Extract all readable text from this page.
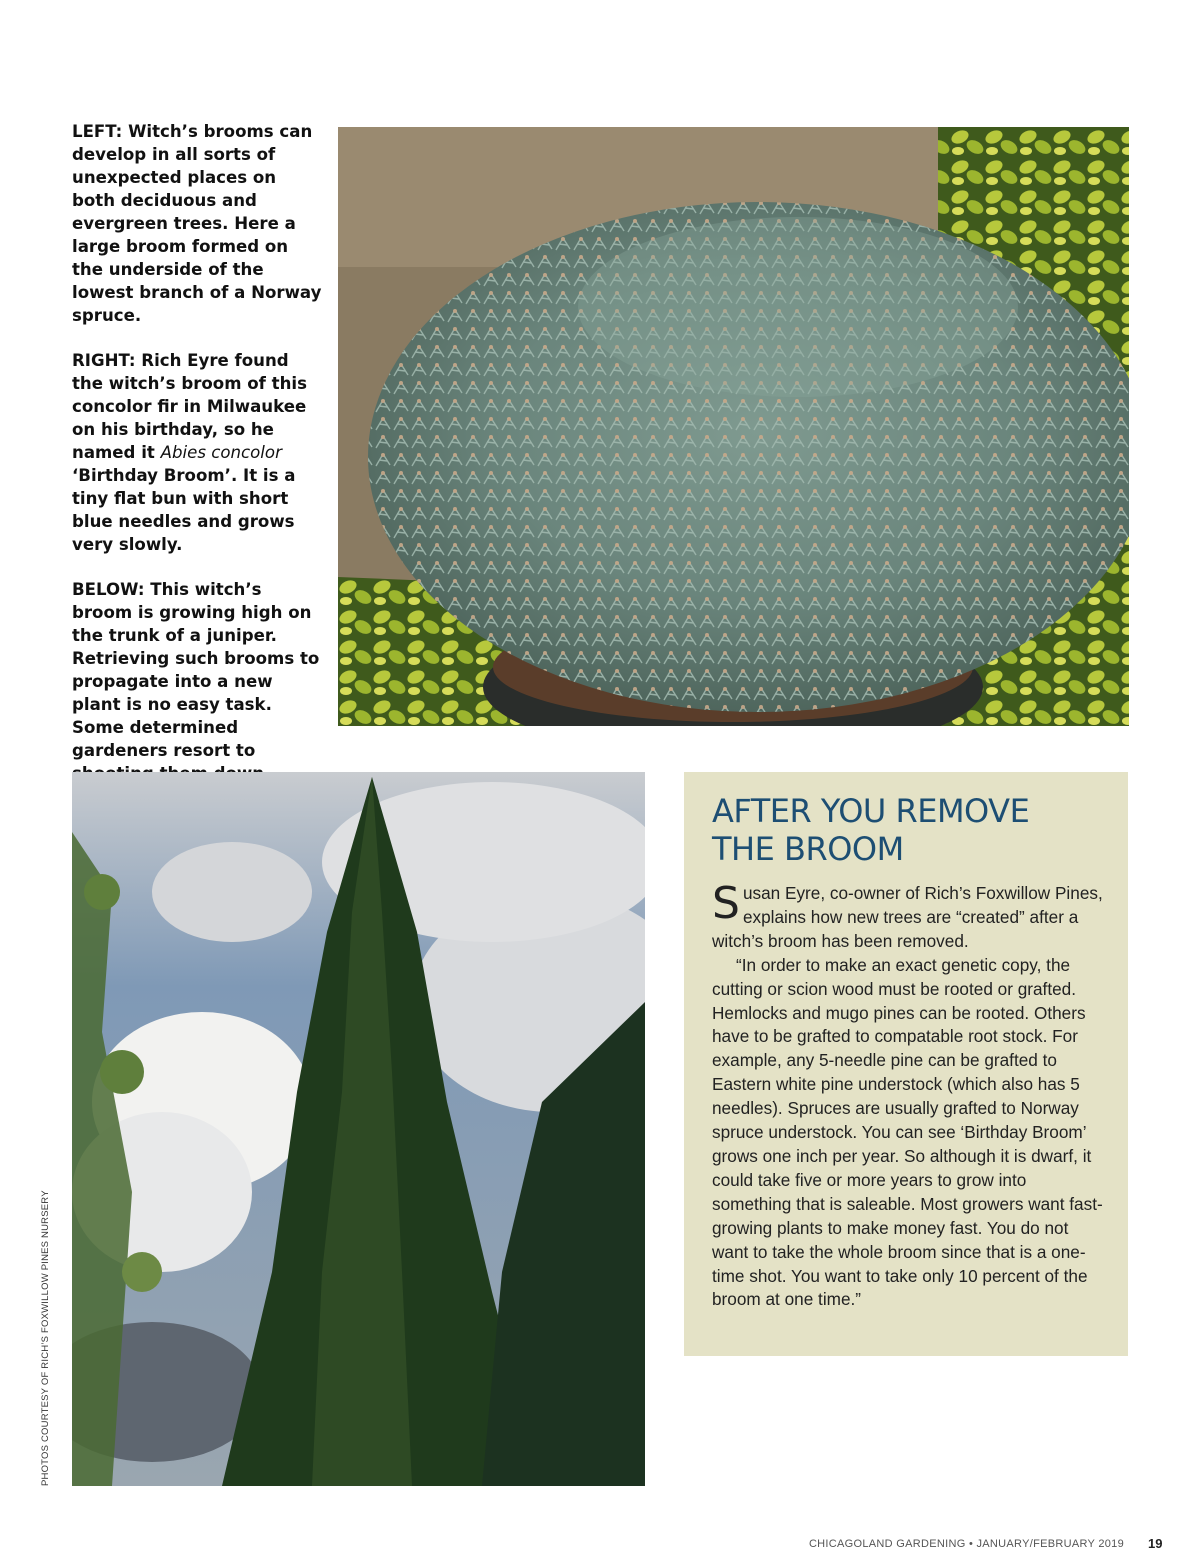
LEFT: Witch’s brooms can develop in all sorts of unexpected places on both deciduous and evergreen trees. Here a large broom formed on the underside of the lowest branch of a Norway spruce.

RIGHT: Rich Eyre found the witch’s broom of this concolor fir in Milwaukee on his birthday, so he named it Abies concolor ‘Birthday Broom’. It is a tiny flat bun with short blue needles and grows very slowly.

BELOW: This witch’s broom is growing high on the trunk of a juniper. Retrieving such brooms to propagate into a new plant is no easy task. Some determined gardeners resort to

PHOTOS COURTESY OF RICH’S FOXWILLOW PINES NURSERY
AFTER YOU REMOVE
THE BROOM

Susan Eyre, co-owner of Rich’s Foxwillow Pines, explains how new trees are “created” after a witch’s broom has been removed.

“In order to make an exact genetic copy, the cutting or scion wood must be rooted or grafted. Hemlocks and mugo pines can be rooted. Others have to be grafted to compatable root stock. For example, any 5-needle pine can be grafted to Eastern white pine understock (which also has 5 needles). Spruces are usually grafted to Norway spruce understock. You can see ‘Birthday Broom’ grows one inch per year. So although it is dwarf, it could take five or more years to grow into something that is saleable. Most growers want fast-growing plants to make money fast. You do not want to take the whole broom since that is a one-time shot. You want to take only 10 percent of the broom at one time.”

CHICAGOLAND GARDENING • JANUARY/FEBRUARY 2019 19
